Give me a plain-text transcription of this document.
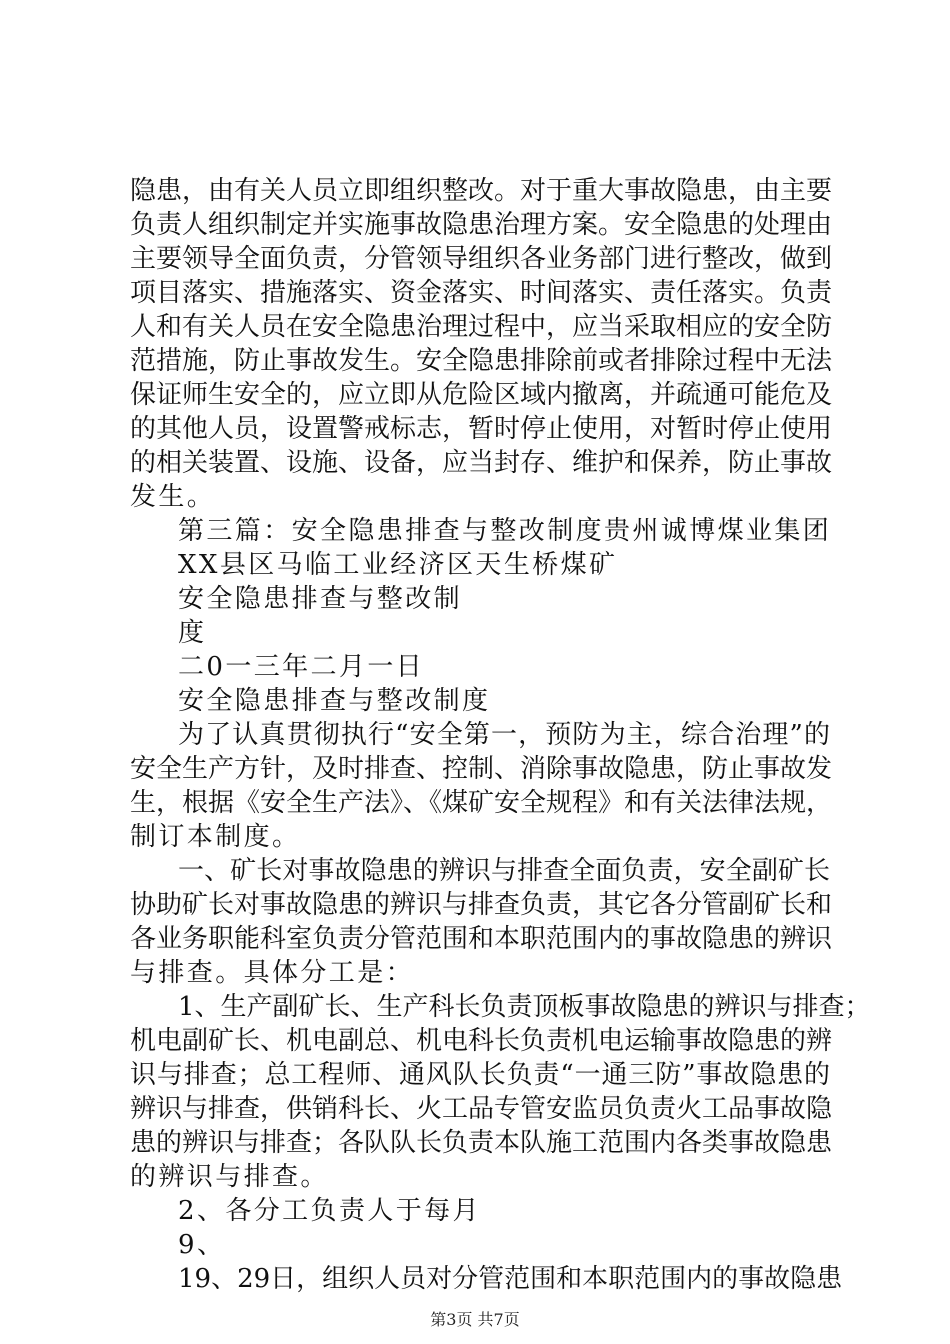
隐患，由有关人员立即组织整改。对于重大事故隐患，由主要
负责人组织制定并实施事故隐患治理方案。安全隐患的处理由
主要领导全面负责，分管领导组织各业务部门进行整改，做到
项目落实、措施落实、资金落实、时间落实、责任落实。负责
人和有关人员在安全隐患治理过程中，应当采取相应的安全防
范措施，防止事故发生。安全隐患排除前或者排除过程中无法
保证师生安全的，应立即从危险区域内撤离，并疏通可能危及
的其他人员，设置警戒标志，暂时停止使用，对暂时停止使用
的相关装置、设施、设备，应当封存、维护和保养，防止事故
发生。
第三篇：安全隐患排查与整改制度贵州诚博煤业集团
XX县区马临工业经济区天生桥煤矿
安全隐患排查与整改制
度
二0一三年二月一日
安全隐患排查与整改制度
为了认真贯彻执行“安全第一，预防为主，综合治理”的
安全生产方针，及时排查、控制、消除事故隐患，防止事故发
生，根据《安全生产法》、《煤矿安全规程》和有关法律法规，
制订本制度。
一、矿长对事故隐患的辨识与排查全面负责，安全副矿长
协助矿长对事故隐患的辨识与排查负责，其它各分管副矿长和
各业务职能科室负责分管范围和本职范围内的事故隐患的辨识
与排查。具体分工是：
1、生产副矿长、生产科长负责顶板事故隐患的辨识与排查；
机电副矿长、机电副总、机电科长负责机电运输事故隐患的辨
识与排查；总工程师、通风队长负责“一通三防”事故隐患的
辨识与排查，供销科长、火工品专管安监员负责火工品事故隐
患的辨识与排查；各队队长负责本队施工范围内各类事故隐患
的辨识与排查。
2、各分工负责人于每月
9、
19、29日，组织人员对分管范围和本职范围内的事故隐患
第3页 共7页
